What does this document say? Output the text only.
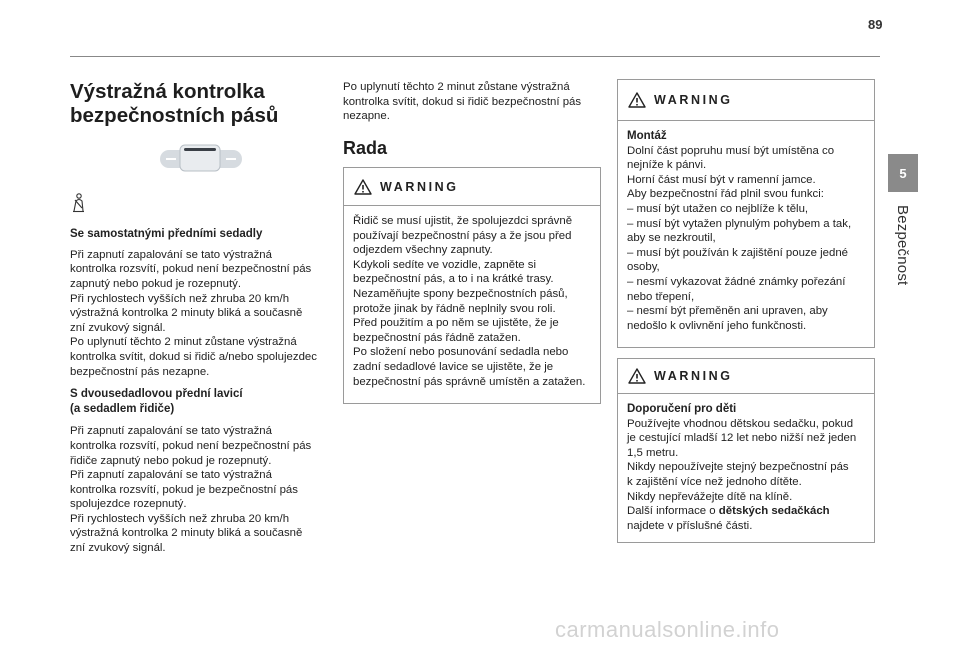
89
5
Bezpečnost
Výstražná kontrolka bezpečnostních pásů

Se samostatnými předními sedadly

Při zapnutí zapalování se tato výstražná

kontrolka rozsvítí, pokud není bezpečnostní pás

zapnutý nebo pokud je rozepnutý.

Při rychlostech vyšších než zhruba 20 km/h

výstražná kontrolka 2 minuty bliká a současně

zní zvukový signál.

Po uplynutí těchto 2 minut zůstane výstražná

kontrolka svítit, dokud si řidič a/nebo spolujezdec

bezpečnostní pás nezapne.

S dvousedadlovou přední lavicí

(a sedadlem řidiče)

Při zapnutí zapalování se tato výstražná

kontrolka rozsvítí, pokud není bezpečnostní pás

řidiče zapnutý nebo pokud je rozepnutý.

Při zapnutí zapalování se tato výstražná

kontrolka rozsvítí, pokud je bezpečnostní pás

spolujezdce rozepnutý.

Při rychlostech vyšších než zhruba 20 km/h

výstražná kontrolka 2 minuty bliká a současně

zní zvukový signál.

Po uplynutí těchto 2 minut zůstane výstražná

kontrolka svítit, dokud si řidič bezpečnostní pás

nezapne.

Rada
WARNING

Řidič se musí ujistit, že spolujezdci správně

používají bezpečnostní pásy a že jsou před

odjezdem všechny zapnuty.

Kdykoli sedíte ve vozidle, zapněte si

bezpečnostní pás, a to i na krátké trasy.

Nezaměňujte spony bezpečnostních pásů,

protože jinak by řádně neplnily svou roli.

Před použitím a po něm se ujistěte, že je

bezpečnostní pás řádně zatažen.

Po složení nebo posunování sedadla nebo

zadní sedadlové lavice se ujistěte, že je

bezpečnostní pás správně umístěn a zatažen.

WARNING

Montáž

Dolní část popruhu musí být umístěna co

nejníže k pánvi.

Horní část musí být v ramenní jamce.

Aby bezpečnostní řád plnil svou funkci:

– musí být utažen co nejblíže k tělu,

– musí být vytažen plynulým pohybem a tak,

aby se nezkroutil,

– musí být používán k zajištění pouze jedné

osoby,

– nesmí vykazovat žádné známky pořezání

nebo třepení,

– nesmí být přeměněn ani upraven, aby

nedošlo k ovlivnění jeho funkčnosti.

WARNING

Doporučení pro děti

Používejte vhodnou dětskou sedačku, pokud

je cestující mladší 12 let nebo nižší než jeden

1,5 metru.

Nikdy nepoužívejte stejný bezpečnostní pás

k zajištění více než jednoho dítěte.

Nikdy nepřevážejte dítě na klíně.

Další informace o dětských sedačkách

najdete v příslušné části.

carmanualsonline.info
